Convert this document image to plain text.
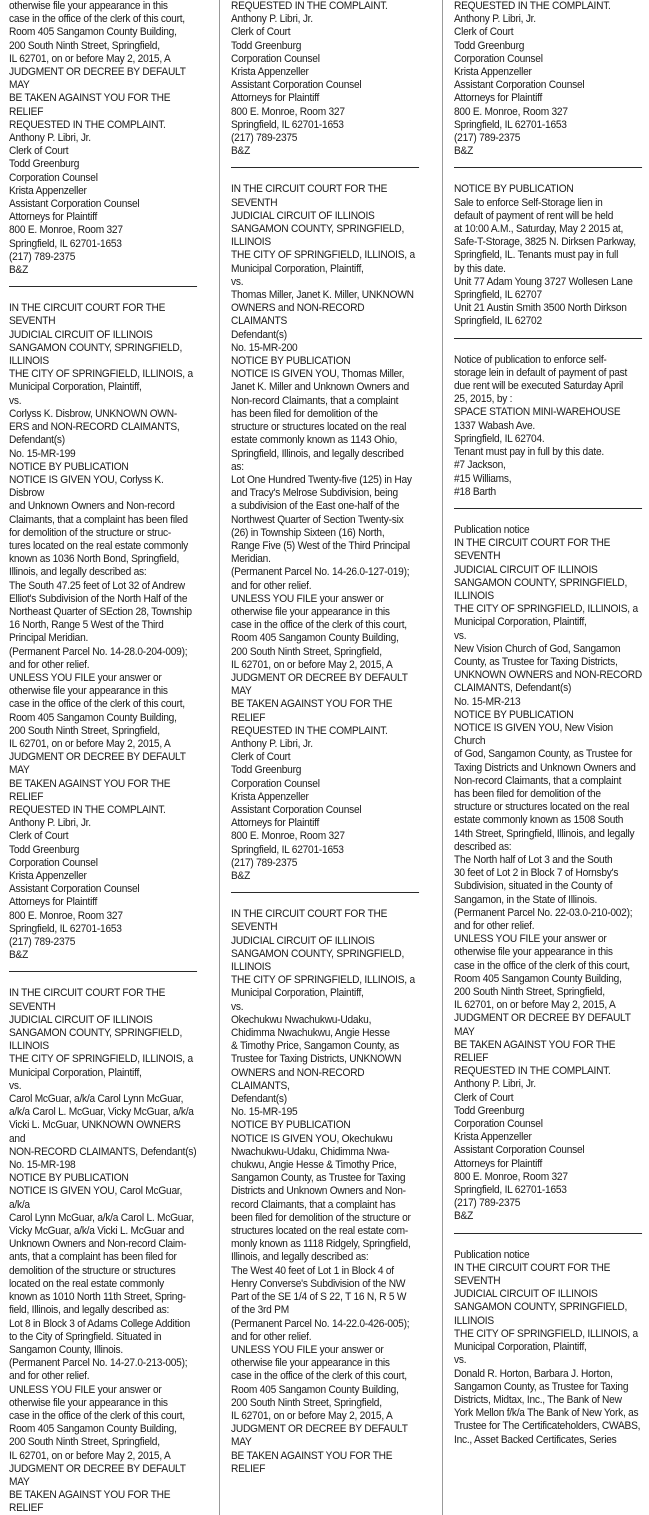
otherwise file your appearance in this

case in the office of the clerk of this court,

Room 405 Sangamon County Building,

200 South Ninth Street, Springfield,

IL 62701, on or before May 2, 2015, A

JUDGMENT OR DECREE BY DEFAULT MAY

BE TAKEN AGAINST YOU FOR THE RELIEF

REQUESTED IN THE COMPLAINT.

Anthony P. Libri, Jr.

Clerk of Court

Todd Greenburg

Corporation Counsel

Krista Appenzeller

Assistant Corporation Counsel

Attorneys for Plaintiff

800 E. Monroe, Room 327

Springfield, IL 62701-1653

(217) 789-2375

B&Z

IN THE CIRCUIT COURT FOR THE SEVENTH

JUDICIAL CIRCUIT OF ILLINOIS

SANGAMON COUNTY, SPRINGFIELD,

ILLINOIS

THE CITY OF SPRINGFIELD, ILLINOIS, a

Municipal Corporation, Plaintiff,

vs.

Corlyss K. Disbrow, UNKNOWN OWN-

ERS and NON-RECORD CLAIMANTS,

Defendant(s)

No. 15-MR-199

NOTICE BY PUBLICATION

NOTICE IS GIVEN YOU, Corlyss K. Disbrow

and Unknown Owners and Non-record

Claimants, that a complaint has been filed

for demolition of the structure or struc-

tures located on the real estate commonly

known as 1036 North Bond, Springfield,

Illinois, and legally described as:

The South 47.25 feet of Lot 32 of Andrew

Elliot's Subdivision of the North Half of the

Northeast Quarter of SEction 28, Township

16 North, Range 5 West of the Third

Principal Meridian.

(Permanent Parcel No. 14-28.0-204-009);

and for other relief.

UNLESS YOU FILE your answer or

otherwise file your appearance in this

case in the office of the clerk of this court,

Room 405 Sangamon County Building,

200 South Ninth Street, Springfield,

IL 62701, on or before May 2, 2015, A

JUDGMENT OR DECREE BY DEFAULT MAY

BE TAKEN AGAINST YOU FOR THE RELIEF

REQUESTED IN THE COMPLAINT.

Anthony P. Libri, Jr.

Clerk of Court

Todd Greenburg

Corporation Counsel

Krista Appenzeller

Assistant Corporation Counsel

Attorneys for Plaintiff

800 E. Monroe, Room 327

Springfield, IL 62701-1653

(217) 789-2375

B&Z

IN THE CIRCUIT COURT FOR THE SEVENTH

JUDICIAL CIRCUIT OF ILLINOIS

SANGAMON COUNTY, SPRINGFIELD,

ILLINOIS

THE CITY OF SPRINGFIELD, ILLINOIS, a

Municipal Corporation, Plaintiff,

vs.

Carol McGuar, a/k/a Carol Lynn McGuar,

a/k/a Carol L. McGuar, Vicky McGuar, a/k/a

Vicki L. McGuar, UNKNOWN OWNERS and

NON-RECORD CLAIMANTS, Defendant(s)

No. 15-MR-198

NOTICE BY PUBLICATION

NOTICE IS GIVEN YOU, Carol McGuar, a/k/a

Carol Lynn McGuar, a/k/a Carol L. McGuar,

Vicky McGuar, a/k/a Vicki L. McGuar and

Unknown Owners and Non-record Claim-

ants, that a complaint has been filed for

demolition of the structure or structures

located on the real estate commonly

known as 1010 North 11th Street, Spring-

field, Illinois, and legally described as:

Lot 8 in Block 3 of Adams College Addition

to the City of Springfield. Situated in

Sangamon County, Illinois.

(Permanent Parcel No. 14-27.0-213-005);

and for other relief.

UNLESS YOU FILE your answer or

otherwise file your appearance in this

case in the office of the clerk of this court,

Room 405 Sangamon County Building,

200 South Ninth Street, Springfield,

IL 62701, on or before May 2, 2015, A

JUDGMENT OR DECREE BY DEFAULT MAY

BE TAKEN AGAINST YOU FOR THE RELIEF

REQUESTED IN THE COMPLAINT.

Anthony P. Libri, Jr.

Clerk of Court

Todd Greenburg

Corporation Counsel

Krista Appenzeller

Assistant Corporation Counsel

Attorneys for Plaintiff

800 E. Monroe, Room 327

Springfield, IL 62701-1653

(217) 789-2375

B&Z

IN THE CIRCUIT COURT FOR THE SEVENTH

JUDICIAL CIRCUIT OF ILLINOIS

SANGAMON COUNTY, SPRINGFIELD,

ILLINOIS

THE CITY OF SPRINGFIELD, ILLINOIS, a

Municipal Corporation, Plaintiff,

vs.

Thomas Miller, Janet K. Miller, UNKNOWN

OWNERS and NON-RECORD CLAIMANTS

Defendant(s)

No. 15-MR-200

NOTICE BY PUBLICATION

NOTICE IS GIVEN YOU, Thomas Miller,

Janet K. Miller and Unknown Owners and

Non-record Claimants, that a complaint

has been filed for demolition of the

structure or structures located on the real

estate commonly known as 1143 Ohio,

Springfield, Illinois, and legally described

as:

Lot One Hundred Twenty-five (125) in Hay

and Tracy's Melrose Subdivision, being

a subdivision of the East one-half of the

Northwest Quarter of Section Twenty-six

(26) in Township Sixteen (16) North,

Range Five (5) West of the Third Principal

Meridian.

(Permanent Parcel No. 14-26.0-127-019);

and for other relief.

UNLESS YOU FILE your answer or

otherwise file your appearance in this

case in the office of the clerk of this court,

Room 405 Sangamon County Building,

200 South Ninth Street, Springfield,

IL 62701, on or before May 2, 2015, A

JUDGMENT OR DECREE BY DEFAULT MAY

BE TAKEN AGAINST YOU FOR THE RELIEF

REQUESTED IN THE COMPLAINT.

Anthony P. Libri, Jr.

Clerk of Court

Todd Greenburg

Corporation Counsel

Krista Appenzeller

Assistant Corporation Counsel

Attorneys for Plaintiff

800 E. Monroe, Room 327

Springfield, IL 62701-1653

(217) 789-2375

B&Z

IN THE CIRCUIT COURT FOR THE SEVENTH

JUDICIAL CIRCUIT OF ILLINOIS

SANGAMON COUNTY, SPRINGFIELD,

ILLINOIS

THE CITY OF SPRINGFIELD, ILLINOIS, a

Municipal Corporation, Plaintiff,

vs.

Okechukwu Nwachukwu-Udaku,

Chidimma Nwachukwu, Angie Hesse

& Timothy Price, Sangamon County, as

Trustee for Taxing Districts, UNKNOWN

OWNERS and NON-RECORD CLAIMANTS,

Defendant(s)

No. 15-MR-195

NOTICE BY PUBLICATION

NOTICE IS GIVEN YOU, Okechukwu

Nwachukwu-Udaku, Chidimma Nwa-

chukwu, Angie Hesse & Timothy Price,

Sangamon County, as Trustee for Taxing

Districts and Unknown Owners and Non-

record Claimants, that a complaint has

been filed for demolition of the structure or

structures located on the real estate com-

monly known as 1118 Ridgely, Springfield,

Illinois, and legally described as:

The West 40 feet of Lot 1 in Block 4 of

Henry Converse's Subdivision of the NW

Part of the SE 1/4 of S 22, T 16 N, R 5 W

of the 3rd PM

(Permanent Parcel No. 14-22.0-426-005);

and for other relief.

UNLESS YOU FILE your answer or

otherwise file your appearance in this

case in the office of the clerk of this court,

Room 405 Sangamon County Building,

200 South Ninth Street, Springfield,

IL 62701, on or before May 2, 2015, A

JUDGMENT OR DECREE BY DEFAULT MAY

BE TAKEN AGAINST YOU FOR THE RELIEF

REQUESTED IN THE COMPLAINT.

Anthony P. Libri, Jr.

Clerk of Court

Todd Greenburg

Corporation Counsel

Krista Appenzeller

Assistant Corporation Counsel

Attorneys for Plaintiff

800 E. Monroe, Room 327

Springfield, IL 62701-1653

(217) 789-2375

B&Z

NOTICE BY PUBLICATION

Sale to enforce Self-Storage lien in

default of payment of rent will be held

at 10:00 A.M., Saturday, May 2 2015 at,

Safe-T-Storage, 3825 N. Dirksen Parkway,

Springfield, IL. Tenants must pay in full

by this date.

Unit 77 Adam Young 3727 Wollesen Lane

Springfield, IL 62707

Unit 21 Austin Smith 3500 North Dirkson

Springfield, IL 62702

Notice of publication to enforce self-

storage lein in default of payment of past

due rent will be executed Saturday April

25, 2015, by :

SPACE STATION MINI-WAREHOUSE

1337 Wabash Ave.

Springfield, IL 62704.

Tenant must pay in full by this date.

#7 Jackson,

#15 Williams,

#18 Barth

Publication notice

IN THE CIRCUIT COURT FOR THE SEVENTH

JUDICIAL CIRCUIT OF ILLINOIS

SANGAMON COUNTY, SPRINGFIELD,

ILLINOIS

THE CITY OF SPRINGFIELD, ILLINOIS, a

Municipal Corporation, Plaintiff,

vs.

New Vision Church of God, Sangamon

County, as Trustee for Taxing Districts,

UNKNOWN OWNERS and NON-RECORD

CLAIMANTS, Defendant(s)

No. 15-MR-213

NOTICE BY PUBLICATION

NOTICE IS GIVEN YOU, New Vision Church

of God, Sangamon County, as Trustee for

Taxing Districts and Unknown Owners and

Non-record Claimants, that a complaint

has been filed for demolition of the

structure or structures located on the real

estate commonly known as 1508 South

14th Street, Springfield, Illinois, and legally

described as:

The North half of Lot 3 and the South

30 feet of Lot 2 in Block 7 of Hornsby's

Subdivision, situated in the County of

Sangamon, in the State of Illinois.

(Permanent Parcel No. 22-03.0-210-002);

and for other relief.

UNLESS YOU FILE your answer or

otherwise file your appearance in this

case in the office of the clerk of this court,

Room 405 Sangamon County Building,

200 South Ninth Street, Springfield,

IL 62701, on or before May 2, 2015, A

JUDGMENT OR DECREE BY DEFAULT MAY

BE TAKEN AGAINST YOU FOR THE RELIEF

REQUESTED IN THE COMPLAINT.

Anthony P. Libri, Jr.

Clerk of Court

Todd Greenburg

Corporation Counsel

Krista Appenzeller

Assistant Corporation Counsel

Attorneys for Plaintiff

800 E. Monroe, Room 327

Springfield, IL 62701-1653

(217) 789-2375

B&Z

Publication notice

IN THE CIRCUIT COURT FOR THE SEVENTH

JUDICIAL CIRCUIT OF ILLINOIS

SANGAMON COUNTY, SPRINGFIELD,

ILLINOIS

THE CITY OF SPRINGFIELD, ILLINOIS, a

Municipal Corporation, Plaintiff,

vs.

Donald R. Horton, Barbara J. Horton,

Sangamon County, as Trustee for Taxing

Districts, Midtax, Inc., The Bank of New

York Mellon f/k/a The Bank of New York, as

Trustee for The Certificateholders, CWABS,

Inc., Asset Backed Certificates, Series
